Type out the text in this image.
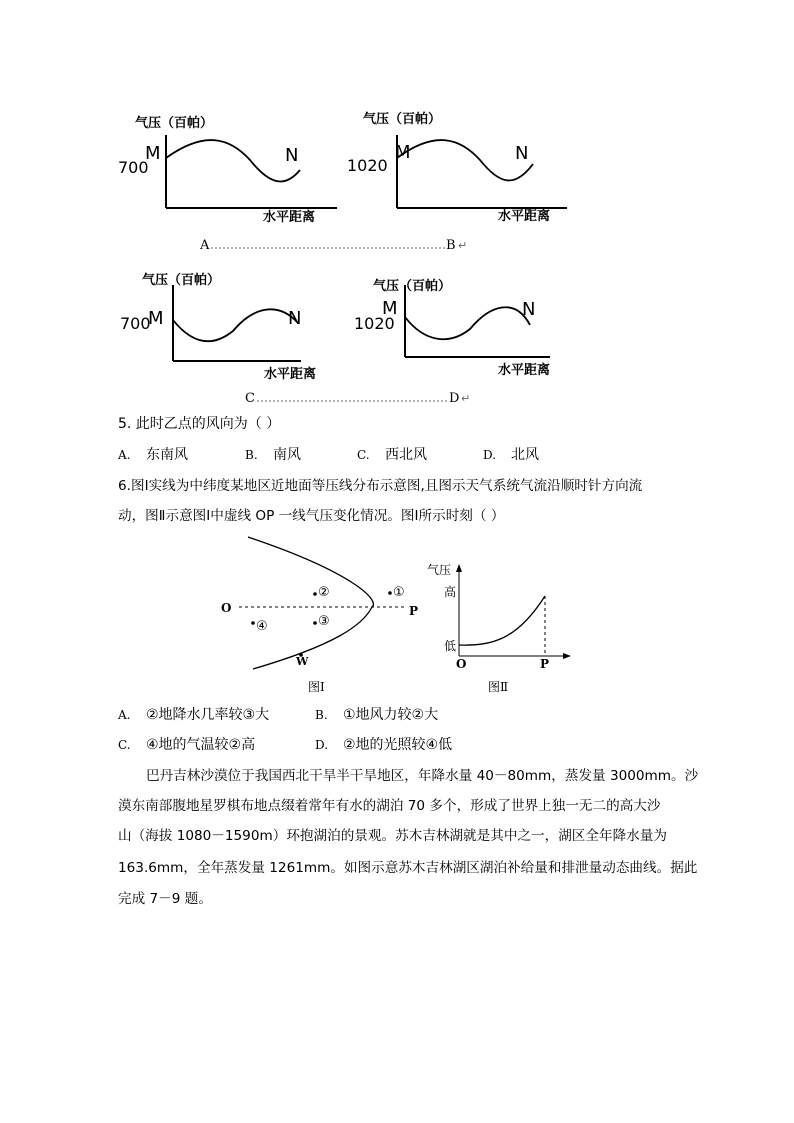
气压（百帕）
M
700
N
水平距离
气压（百帕）
M
1020
N
水平距离
A	B ↵
气压（百帕）
M
700	N
水平距离
气压（百帕）
M
1020
N
水平距离
C	D ↵
5. 此时乙点的风向为（ ）
A. 东南风	B. 南风	C. 西北风	D. 北风
6.图Ⅰ实线为中纬度某地区近地面等压线分布示意图,且图示天气系统气流沿顺时针方向流
动，图Ⅱ示意图Ⅰ中虚线 OP 一线气压变化情况。图Ⅰ所示时刻（ ）
O	P
W
②	①
③
④
图Ⅰ
气压
高
低
O	P
图Ⅱ
A. ②地降水几率较③大	B. ①地风力较②大
C. ④地的气温较②高	D. ②地的光照较④低
巴丹吉林沙漠位于我国西北干旱半干旱地区，年降水量 40－80mm，蒸发量 3000mm。沙
漠东南部腹地星罗棋布地点缀着常年有水的湖泊 70 多个，形成了世界上独一无二的高大沙
山（海拔 1080－1590m）环抱湖泊的景观。苏木吉林湖就是其中之一，湖区全年降水量为
163.6mm，全年蒸发量 1261mm。如图示意苏木吉林湖区湖泊补给量和排泄量动态曲线。据此
完成 7－9 题。
